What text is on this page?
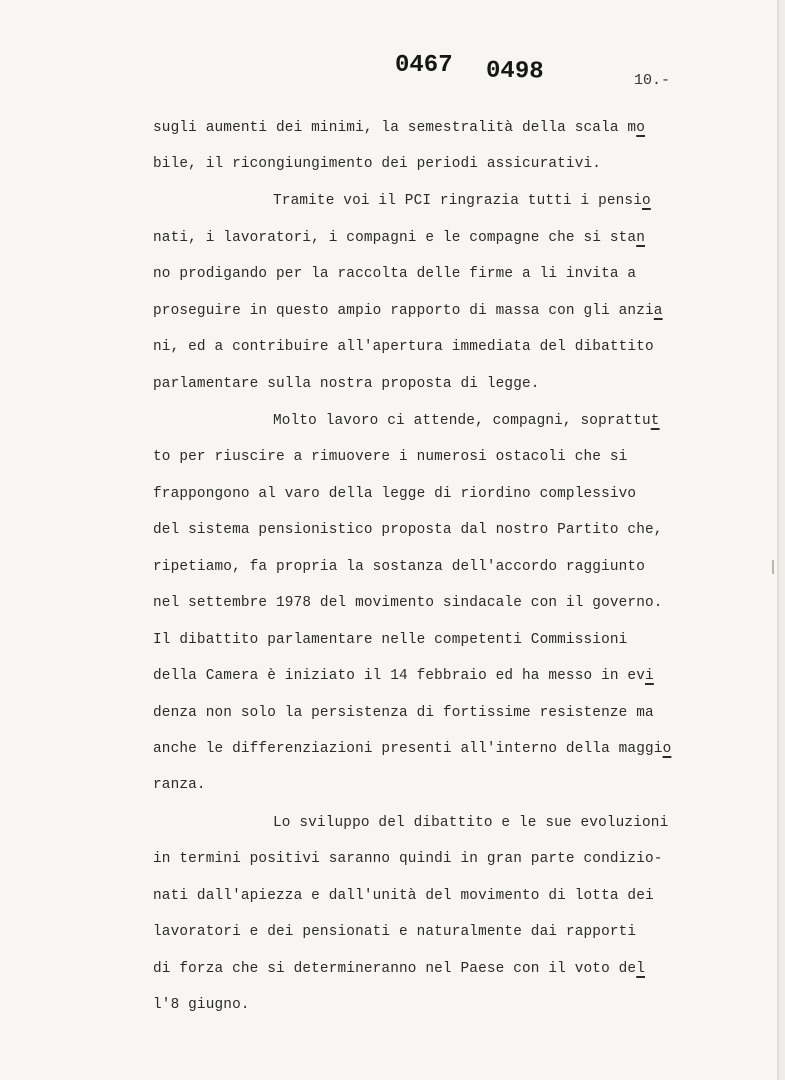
0467 0498	10.-
sugli aumenti dei minimi, la semestralità della scala mo
bile, il ricongiungimento dei periodi assicurativi.
Tramite voi il PCI ringrazia tutti i pensio
nati, i lavoratori, i compagni e le compagne che si stan
no prodigando per la raccolta delle firme a li invita a
proseguire in questo ampio rapporto di massa con gli anzia
ni, ed a contribuire all'apertura immediata del dibattito
parlamentare sulla nostra proposta di legge.
Molto lavoro ci attende, compagni, soprattut
to per riuscire a rimuovere i numerosi ostacoli che si
frappongono al varo della legge di riordino complessivo
del sistema pensionistico proposta dal nostro Partito che,
ripetiamo, fa propria la sostanza dell'accordo raggiunto
nel settembre 1978 del movimento sindacale con il governo.
Il dibattito parlamentare nelle competenti Commissioni
della Camera è iniziato il 14 febbraio ed ha messo in evi
denza non solo la persistenza di fortissime resistenze ma
anche le differenziazioni presenti all'interno della maggio
ranza.
Lo sviluppo del dibattito e le sue evoluzioni
in termini positivi saranno quindi in gran parte condizio-
nati dall'apiezza e dall'unità del movimento di lotta dei
lavoratori e dei pensionati e naturalmente dai rapporti
di forza che si determineranno nel Paese con il voto del
l'8 giugno.
